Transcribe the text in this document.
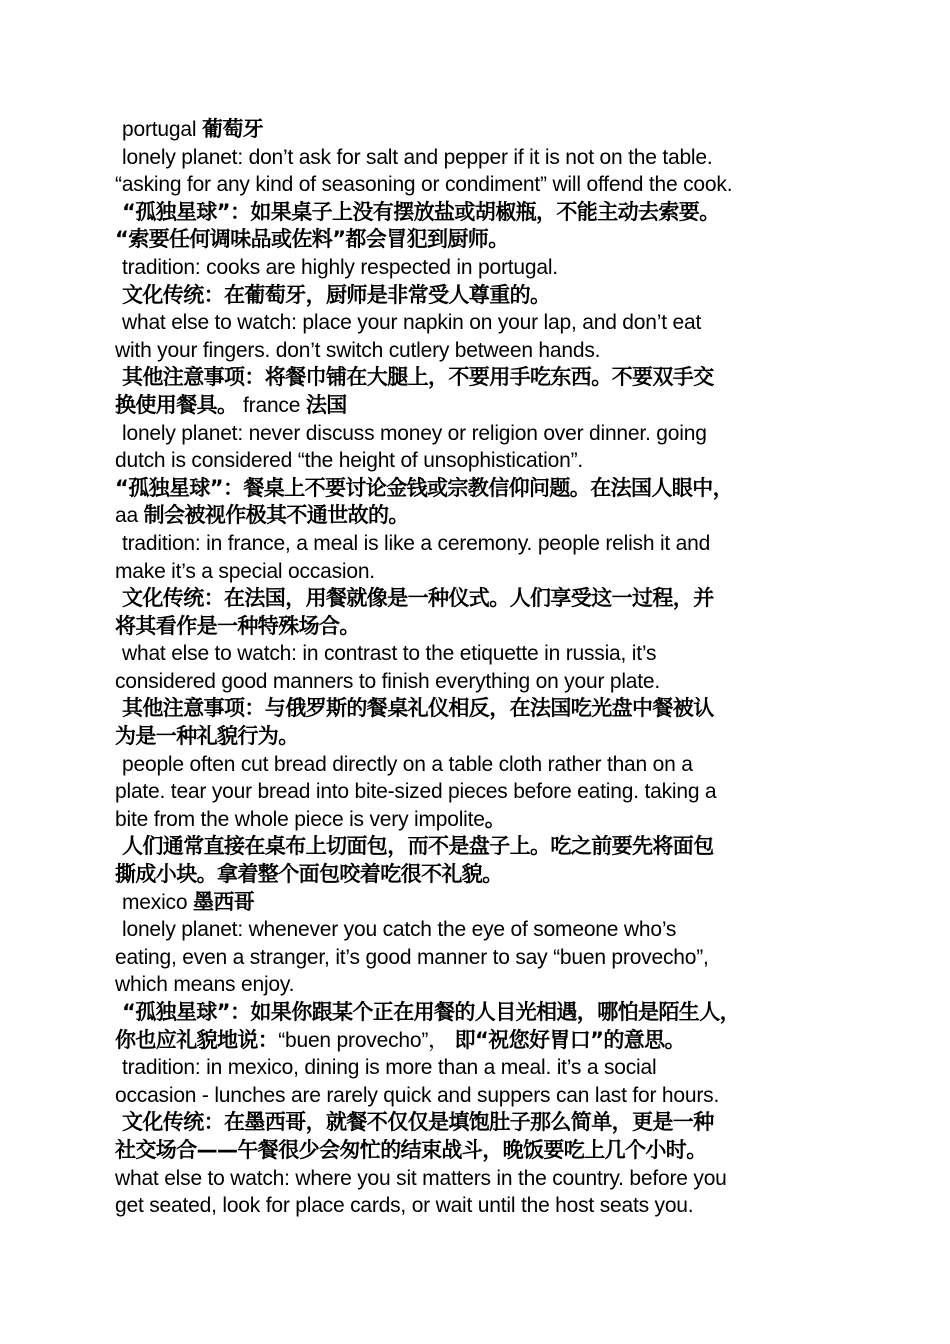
portugal 葡萄牙
lonely planet: don’t ask for salt and pepper if it is not on the table.
“asking for any kind of seasoning or condiment” will offend the cook.
“孤独星球”：如果桌子上没有摆放盐或胡椒瓶，不能主动去索要。
“索要任何调味品或佐料”都会冒犯到厨师。
tradition: cooks are highly respected in portugal.
文化传统：在葡萄牙，厨师是非常受人尊重的。
what else to watch: place your napkin on your lap, and don’t eat
with your fingers. don’t switch cutlery between hands.
其他注意事项：将餐巾铺在大腿上，不要用手吃东西。不要双手交
换使用餐具。 france 法国
lonely planet: never discuss money or religion over dinner. going
dutch is considered “the height of unsophistication”.
“孤独星球”：餐桌上不要讨论金钱或宗教信仰问题。在法国人眼中，
aa 制会被视作极其不通世故的。
tradition: in france, a meal is like a ceremony. people relish it and
make it’s a special occasion.
文化传统：在法国，用餐就像是一种仪式。人们享受这一过程，并
将其看作是一种特殊场合。
what else to watch: in contrast to the etiquette in russia, it’s
considered good manners to finish everything on your plate.
其他注意事项：与俄罗斯的餐桌礼仪相反，在法国吃光盘中餐被认
为是一种礼貌行为。
people often cut bread directly on a table cloth rather than on a
plate. tear your bread into bite-sized pieces before eating. taking a
bite from the whole piece is very impolite。
人们通常直接在桌布上切面包，而不是盘子上。吃之前要先将面包
撕成小块。拿着整个面包咬着吃很不礼貌。
mexico 墨西哥
lonely planet: whenever you catch the eye of someone who’s
eating, even a stranger, it’s good manner to say “buen provecho”,
which means enjoy.
“孤独星球”：如果你跟某个正在用餐的人目光相遇，哪怕是陌生人，
你也应礼貌地说：“buen provecho”， 即“祝您好胃口”的意思。
tradition: in mexico, dining is more than a meal. it’s a social
occasion - lunches are rarely quick and suppers can last for hours.
文化传统：在墨西哥，就餐不仅仅是填饱肚子那么简单，更是一种
社交场合——午餐很少会匆忙的结束战斗，晚饭要吃上几个小时。
what else to watch: where you sit matters in the country. before you
get seated, look for place cards, or wait until the host seats you.
